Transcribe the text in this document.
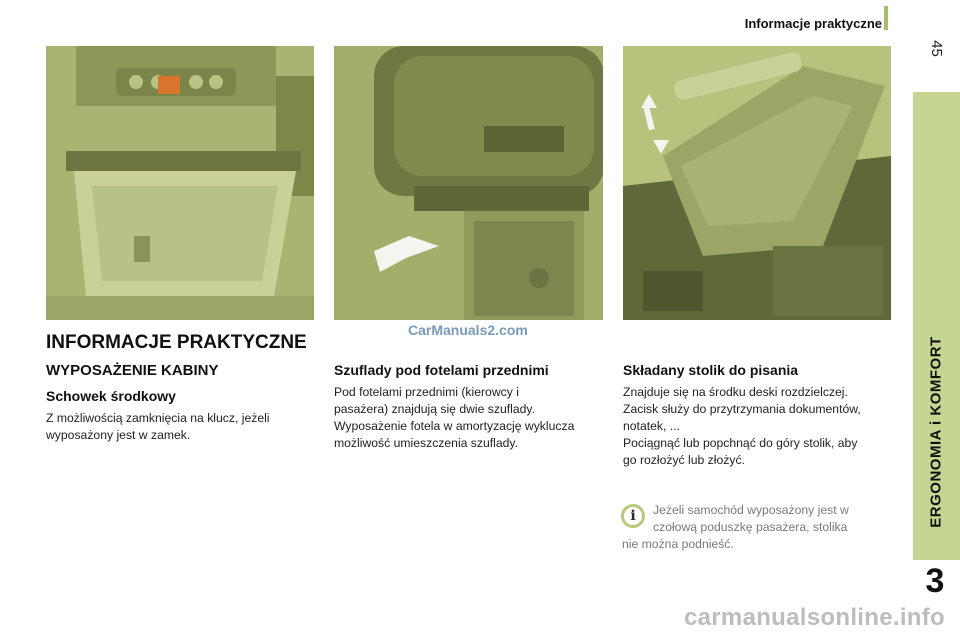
Informacje praktyczne
45
ERGONOMIA i KOMFORT
3
CarManuals2.com
INFORMACJE PRAKTYCZNE
WYPOSAŻENIE KABINY
Schowek środkowy
Z możliwością zamknięcia na klucz, jeżeli
wyposażony jest w zamek.
Szuflady pod fotelami przednimi
Pod fotelami przednimi (kierowcy i
pasażera) znajdują się dwie szuflady.
Wyposażenie fotela w amortyzację wyklucza
możliwość umieszczenia szuflady.
Składany stolik do pisania
Znajduje się na środku deski rozdzielczej.
Zacisk służy do przytrzymania dokumentów,
notatek, ...
Pociągnąć lub popchnąć do góry stolik, aby
go rozłożyć lub złożyć.
i	Jeżeli samochód wyposażony jest w
czołową poduszkę pasażera, stolika
nie można podnieść.
carmanualsonline.info
